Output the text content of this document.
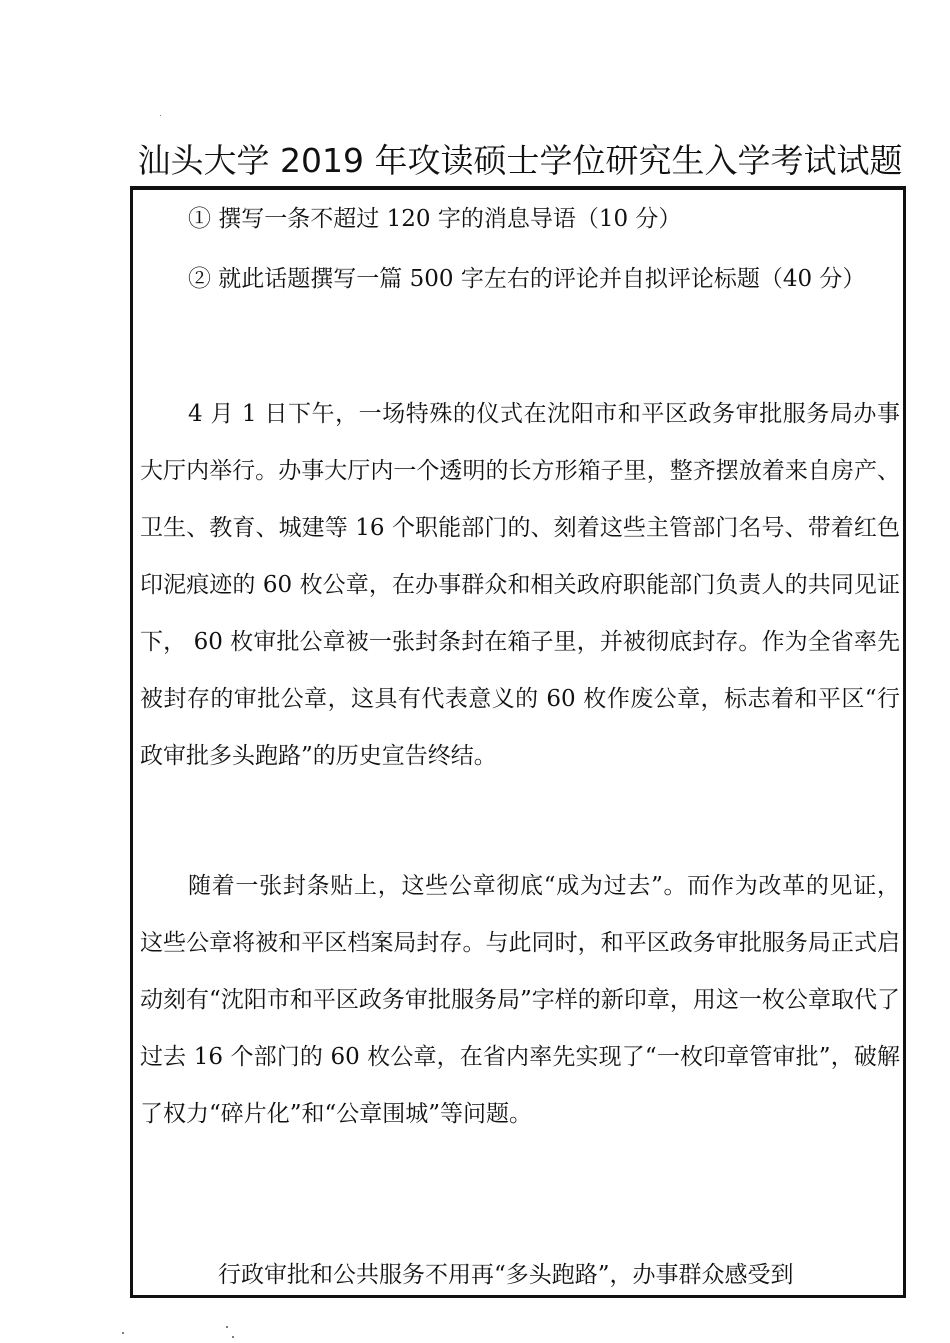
汕头大学 2019 年攻读硕士学位研究生入学考试试题

① 撰写一条不超过 120 字的消息导语（10 分）

② 就此话题撰写一篇 500 字左右的评论并自拟评论标题（40 分）

4 月 1 日下午，一场特殊的仪式在沈阳市和平区政务审批服务局办事大厅内举行。办事大厅内一个透明的长方形箱子里，整齐摆放着来自房产、卫生、教育、城建等 16 个职能部门的、刻着这些主管部门名号、带着红色印泥痕迹的 60 枚公章，在办事群众和相关政府职能部门负责人的共同见证下， 60 枚审批公章被一张封条封在箱子里，并被彻底封存。作为全省率先被封存的审批公章，这具有代表意义的 60 枚作废公章，标志着和平区“行政审批多头跑路”的历史宣告终结。

随着一张封条贴上，这些公章彻底“成为过去”。而作为改革的见证，这些公章将被和平区档案局封存。与此同时，和平区政务审批服务局正式启动刻有“沈阳市和平区政务审批服务局”字样的新印章，用这一枚公章取代了过去 16 个部门的 60 枚公章，在省内率先实现了“一枚印章管审批”，破解了权力“碎片化”和“公章围城”等问题。

行政审批和公共服务不用再“多头跑路”，办事群众感受到
